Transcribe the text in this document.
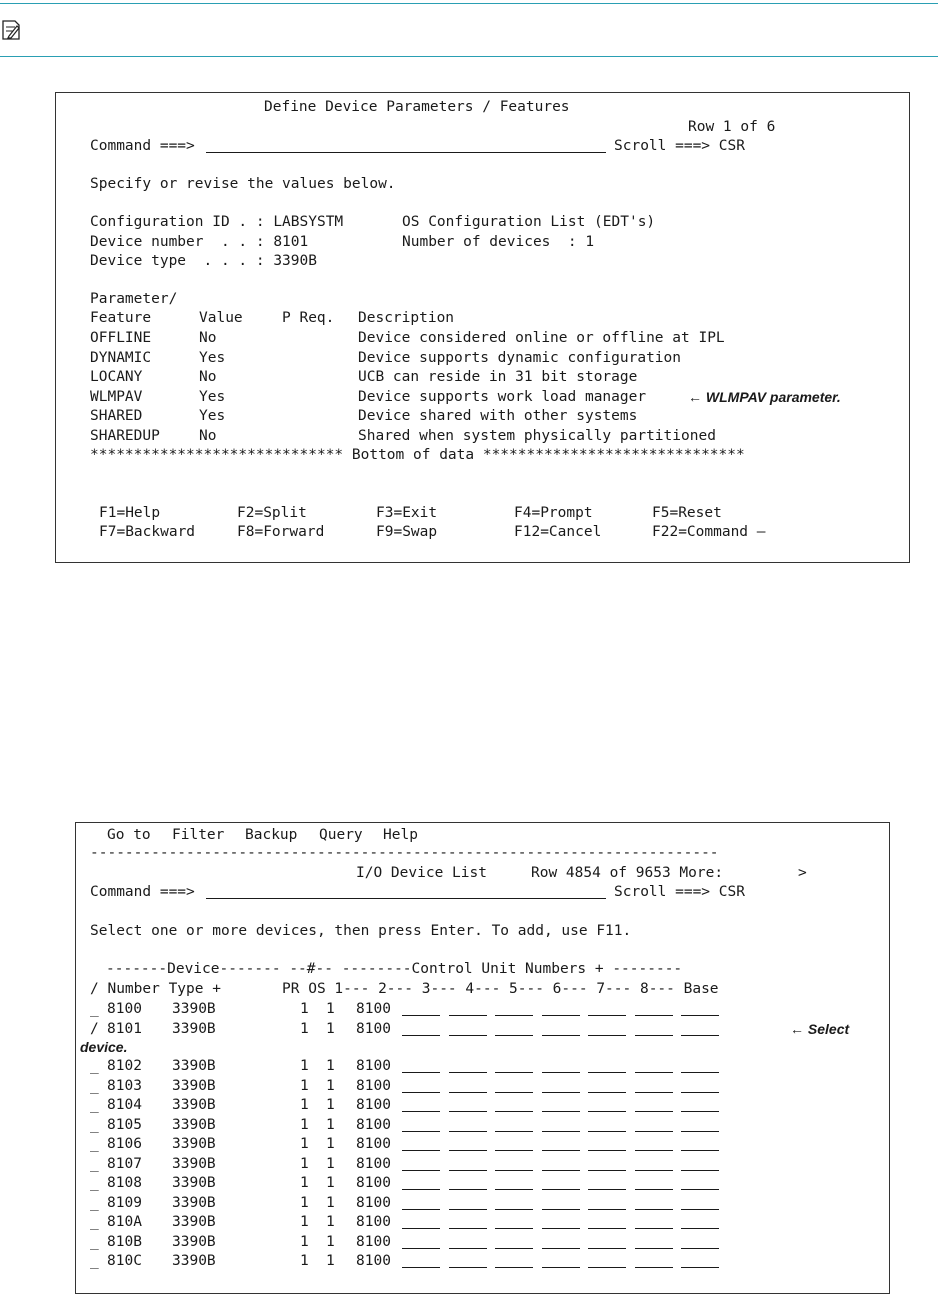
Define Device Parameters / Features
Row 1 of 6
Command ===>	Scroll ===> CSR
Specify or revise the values below.
Configuration ID . : LABSYSTM	OS Configuration List (EDT's)
Device number  . . : 8101	Number of devices  : 1
Device type  . . . : 3390B
Parameter/
Feature	Value	P Req. Description
OFFLINE	No	Device considered online or offline at IPL
DYNAMIC	Yes	Device supports dynamic configuration
LOCANY	No	UCB can reside in 31 bit storage
WLMPAV	Yes	Device supports work load manager
SHARED	Yes	Device shared with other systems
SHAREDUP	No	Shared when system physically partitioned
← WLMPAV parameter.
***************************** Bottom of data ******************************
F1=Help	F2=Split	F3=Exit	F4=Prompt	F5=Reset
F7=Backward	F8=Forward	F9=Swap	F12=Cancel	F22=Command —
Go to Filter Backup Query Help
------------------------------------------------------------------------
I/O Device List	Row 4854 of 9653 More:	>
Command ===>	Scroll ===> CSR
Select one or more devices, then press Enter. To add, use F11.
-------Device------- --#-- --------Control Unit Numbers + --------
/ Number Type +       PR OS 1--- 2--- 3--- 4--- 5--- 6--- 7--- 8--- Base
_ 8100 3390B	1 1 8100
/ 8101 3390B	1 1 8100
_ 8102 3390B	1 1 8100
_ 8103 3390B	1 1 8100
_ 8104 3390B	1 1 8100
_ 8105 3390B	1 1 8100
_ 8106 3390B	1 1 8100
_ 8107 3390B	1 1 8100
_ 8108 3390B	1 1 8100
_ 8109 3390B	1 1 8100
_ 810A 3390B	1 1 8100
_ 810B 3390B	1 1 8100
_ 810C 3390B	1 1 8100
← Select
device.
